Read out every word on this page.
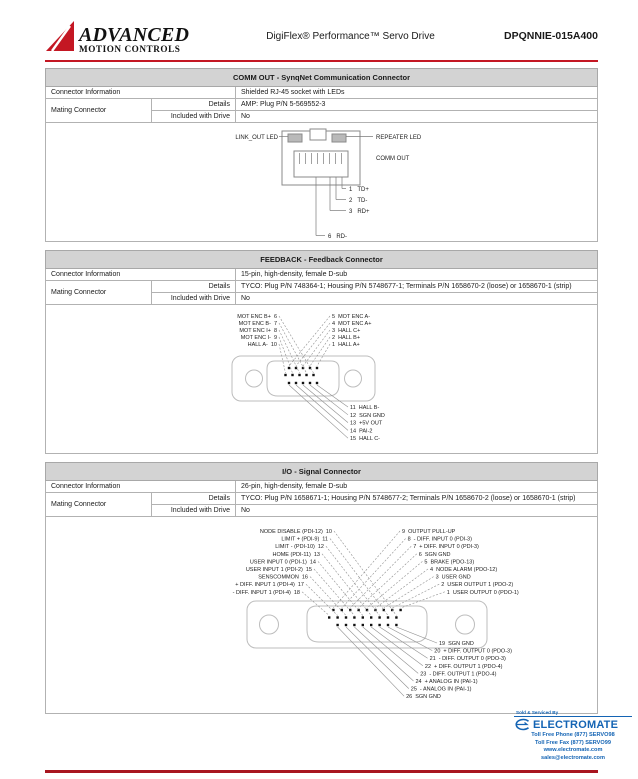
ADVANCED
MOTION CONTROLS
DigiFlex® Performance™ Servo Drive	DPQNNIE-015A400
COMM OUT - SynqNet Communication Connector		
Connector Information		Shielded RJ-45 socket with LEDs
Mating Connector	Details	AMP: Plug P/N 5-569552-3
	Included with Drive	No

LINK_OUT LED	REPEATER LED
COMM OUT
1 TD+
2 TD-
3 RD+
6 RD-
FEEDBACK - Feedback Connector		
Connector Information		15-pin, high-density, female D-sub
Mating Connector	Details	TYCO: Plug P/N 748364-1; Housing P/N 5748677-1; Terminals P/N 1658670-2 (loose) or 1658670-1 (strip)
	Included with Drive	No

MOT ENC B+ 6
MOT ENC B- 7
MOT ENC I+ 8
MOT ENC I- 9
HALL A- 10
5 MOT ENC A-
4 MOT ENC A+
3 HALL C+
2 HALL B+
1 HALL A+
11 HALL B-
12 SGN GND
13 +5V OUT
14 PAI-2
15 HALL C-
I/O - Signal Connector		
Connector Information		26-pin, high-density, female D-sub
Mating Connector	Details	TYCO: Plug P/N 1658671-1; Housing P/N 5748677-2; Terminals P/N 1658670-2 (loose) or 1658670-1 (strip)
	Included with Drive	No

NODE DISABLE (PDI-12) 10
LIMIT + (PDI-9) 11
LIMIT - (PDI-10) 12
HOME (PDI-11) 13
USER INPUT 0 (PDI-1) 14
USER INPUT 1 (PDI-2) 15
SENSCOMMON 16
+ DIFF. INPUT 1 (PDI-4) 17
- DIFF. INPUT 1 (PDI-4) 18
9 OUTPUT PULL-UP
8 - DIFF. INPUT 0 (PDI-3)
7 + DIFF. INPUT 0 (PDI-3)
6 SGN GND
5 BRAKE (PDO-13)
4 NODE ALARM (PDO-12)
3 USER GND
2 USER OUTPUT 1 (PDO-2)
1 USER OUTPUT 0 (PDO-1)
19 SGN GND
20 + DIFF. OUTPUT 0 (PDO-3)
21 - DIFF. OUTPUT 0 (PDO-3)
22 + DIFF. OUTPUT 1 (PDO-4)
23 - DIFF. OUTPUT 1 (PDO-4)
24 + ANALOG IN (PAI-1)
25 - ANALOG IN (PAI-1)
26 SGN GND
Sold & Serviced By
ELECTROMATE
Toll Free Phone (877) SERVO98
Toll Free Fax (877) SERVO99
www.electromate.com
sales@electromate.com
